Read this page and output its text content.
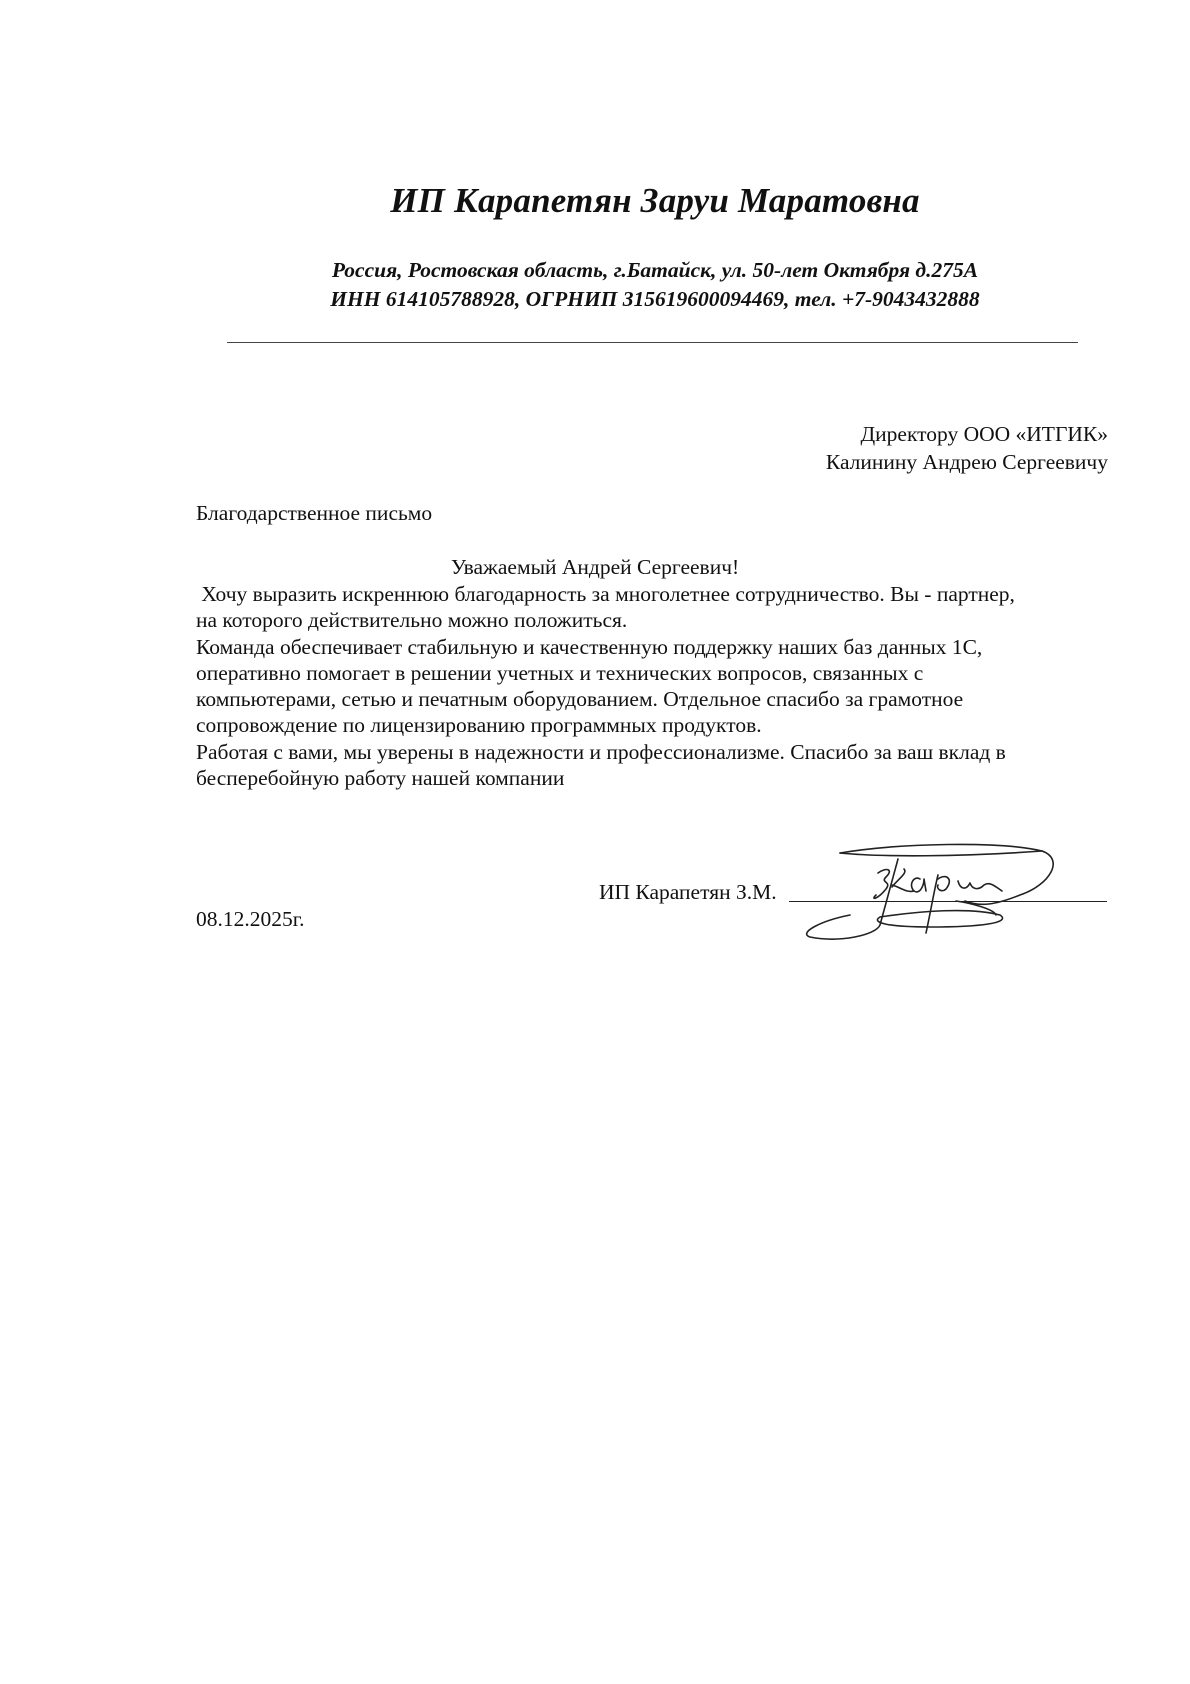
ИП Карапетян Заруи Маратовна
Россия, Ростовская область, г.Батайск, ул. 50-лет Октября д.275А
ИНН 614105788928, ОГРНИП 315619600094469, тел. +7-9043432888
Директору ООО «ИТГИК»
Калинину Андрею Сергеевичу
Благодарственное письмо
Уважаемый Андрей Сергеевич!

Хочу выразить искреннюю благодарность за многолетнее сотрудничество. Вы - партнер,

на которого действительно можно положиться.

Команда обеспечивает стабильную и качественную поддержку наших баз данных 1С,

оперативно помогает в решении учетных и технических вопросов, связанных с

компьютерами, сетью и печатным оборудованием. Отдельное спасибо за грамотное

сопровождение по лицензированию программных продуктов.

Работая с вами, мы уверены в надежности и профессионализме. Спасибо за ваш вклад в

бесперебойную работу нашей компании

ИП Карапетян З.М.
08.12.2025г.
